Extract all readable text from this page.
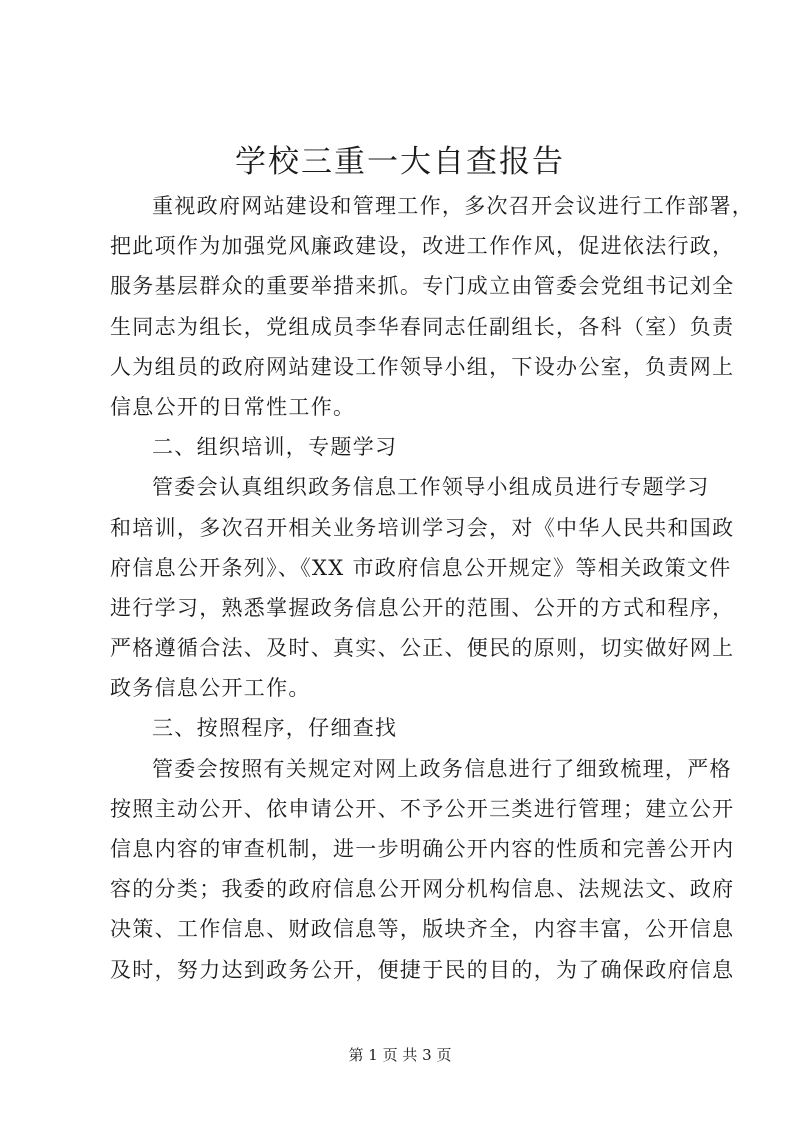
学校三重一大自查报告
重视政府网站建设和管理工作，多次召开会议进行工作部署，
把此项作为加强党风廉政建设，改进工作作风，促进依法行政，
服务基层群众的重要举措来抓。专门成立由管委会党组书记刘全
生同志为组长，党组成员李华春同志任副组长，各科（室）负责
人为组员的政府网站建设工作领导小组，下设办公室，负责网上
信息公开的日常性工作。
二、组织培训，专题学习
管委会认真组织政务信息工作领导小组成员进行专题学习
和培训，多次召开相关业务培训学习会，对《中华人民共和国政
府信息公开条列》、《XX 市政府信息公开规定》等相关政策文件
进行学习，熟悉掌握政务信息公开的范围、公开的方式和程序，
严格遵循合法、及时、真实、公正、便民的原则，切实做好网上
政务信息公开工作。
三、按照程序，仔细查找
管委会按照有关规定对网上政务信息进行了细致梳理，严格
按照主动公开、依申请公开、不予公开三类进行管理；建立公开
信息内容的审查机制，进一步明确公开内容的性质和完善公开内
容的分类；我委的政府信息公开网分机构信息、法规法文、政府
决策、工作信息、财政信息等，版块齐全，内容丰富，公开信息
及时，努力达到政务公开，便捷于民的目的，为了确保政府信息
第 1 页 共 3 页
